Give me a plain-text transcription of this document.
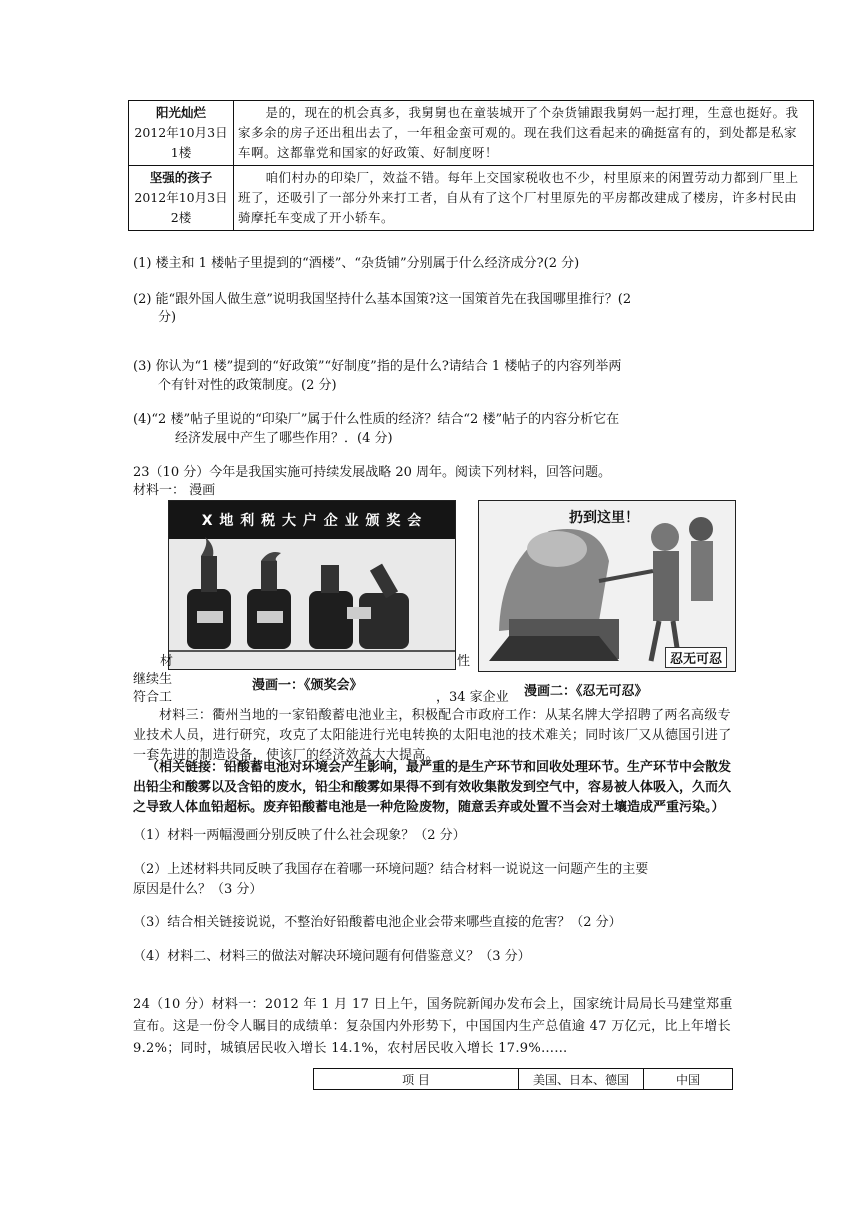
阳光灿烂
2012年10月3日
1楼	是的，现在的机会真多，我舅舅也在童装城开了个杂货铺跟我舅妈一起打理，生意也挺好。我家多余的房子还出租出去了，一年租金蛮可观的。现在我们这看起来的确挺富有的，到处都是私家车啊。这都靠党和国家的好政策、好制度呀！

坚强的孩子
2012年10月3日
2楼	咱们村办的印染厂，效益不错。每年上交国家税收也不少，村里原来的闲置劳动力都到厂里上班了，还吸引了一部分外来打工者，自从有了这个厂村里原先的平房都改建成了楼房，许多村民由骑摩托车变成了开小轿车。
(1) 楼主和 1 楼帖子里提到的“酒楼”、“杂货铺”分别属于什么经济成分?(2 分)
(2) 能“跟外国人做生意”说明我国坚持什么基本国策?这一国策首先在我国哪里推行？(2
分)
(3) 你认为“1 楼”提到的“好政策”“好制度”指的是什么?请结合 1 楼帖子的内容列举两
个有针对性的政策制度。(2 分)
(4)“2 楼”帖子里说的“印染厂”属于什么性质的经济？结合“2 楼”帖子的内容分析它在
经济发展中产生了哪些作用？．(4 分)
23（10 分）今年是我国实施可持续发展战略 20 周年。阅读下列材料，回答问题。
材料一： 漫画
X 地 利 税 大 户 企 业 颁 奖 会
漫画一：《颁奖会》
扔到这里！
忍无可忍
漫画二：《忍无可忍》
材	性
继续生
符合工	，34 家企业
材料三：衢州当地的一家铅酸蓄电池业主，积极配合市政府工作：从某名牌大学招聘了两名高级专业技术人员，进行研究，攻克了太阳能进行光电转换的太阳电池的技术难关；同时该厂又从德国引进了一套先进的制造设备，使该厂的经济效益大大提高。
（相关链接：铅酸蓄电池对环境会产生影响，最严重的是生产环节和回收处理环节。生产环节中会散发出铅尘和酸雾以及含铅的废水，铅尘和酸雾如果得不到有效收集散发到空气中，容易被人体吸入，久而久之导致人体血铅超标。废弃铅酸蓄电池是一种危险废物，随意丢弃或处置不当会对土壤造成严重污染。）
（1）材料一两幅漫画分别反映了什么社会现象？（2 分）
（2）上述材料共同反映了我国存在着哪一环境问题？结合材料一说说这一问题产生的主要
原因是什么？（3 分）
（3）结合相关链接说说，不整治好铅酸蓄电池企业会带来哪些直接的危害？（2 分）
（4）材料二、材料三的做法对解决环境问题有何借鉴意义？（3 分）
24（10 分）材料一：2012 年 1 月 17 日上午，国务院新闻办发布会上，国家统计局局长马建堂郑重宣布。这是一份令人瞩目的成绩单：复杂国内外形势下，中国国内生产总值逾 47 万亿元，比上年增长 9.2%；同时，城镇居民收入增长 14.1%，农村居民收入增长 17.9%……
项 目	美国、日本、德国	中国
